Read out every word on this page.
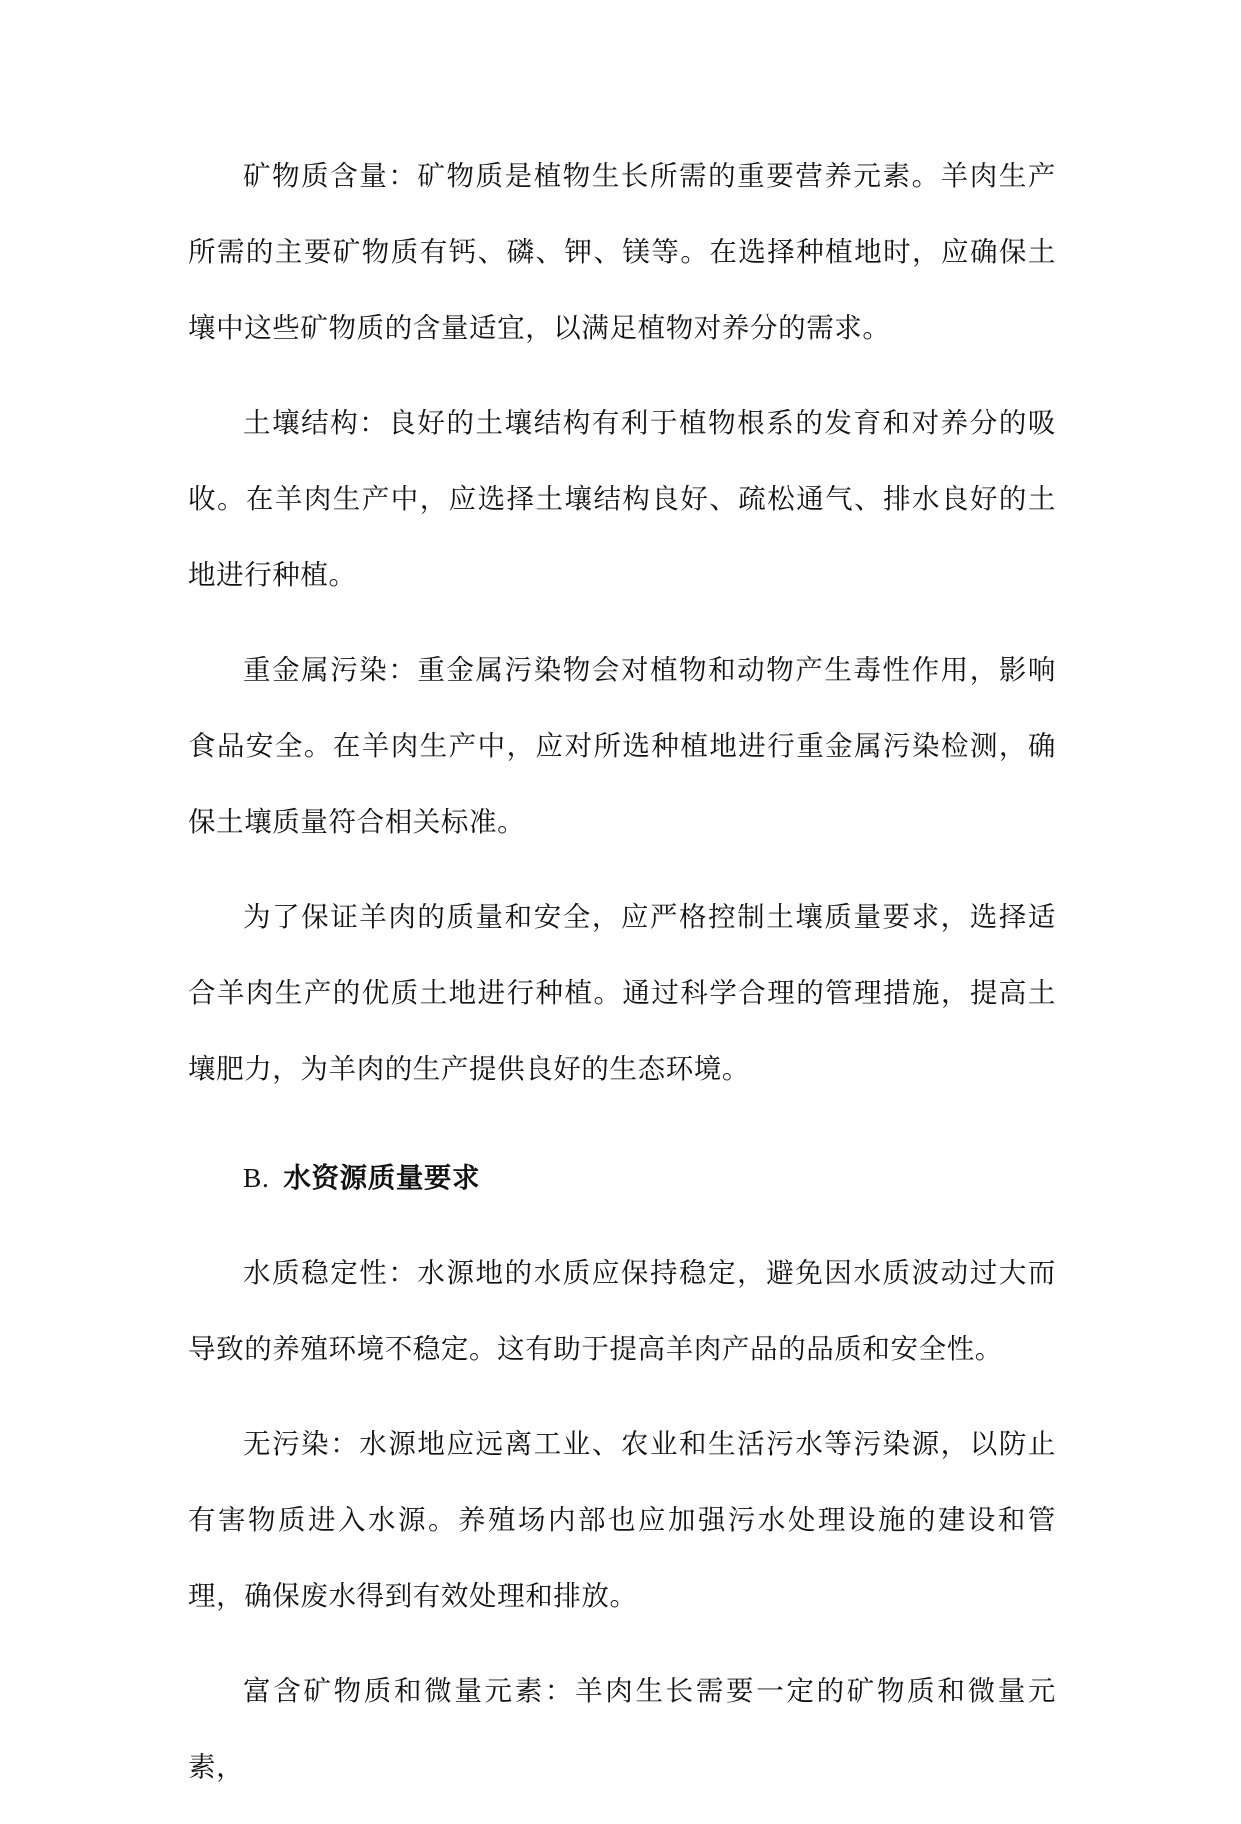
矿物质含量：矿物质是植物生长所需的重要营养元素。羊肉生产所需的主要矿物质有钙、磷、钾、镁等。在选择种植地时，应确保土壤中这些矿物质的含量适宜，以满足植物对养分的需求。

土壤结构：良好的土壤结构有利于植物根系的发育和对养分的吸收。在羊肉生产中，应选择土壤结构良好、疏松通气、排水良好的土地进行种植。

重金属污染：重金属污染物会对植物和动物产生毒性作用，影响食品安全。在羊肉生产中，应对所选种植地进行重金属污染检测，确保土壤质量符合相关标准。

为了保证羊肉的质量和安全，应严格控制土壤质量要求，选择适合羊肉生产的优质土地进行种植。通过科学合理的管理措施，提高土壤肥力，为羊肉的生产提供良好的生态环境。

B. 水资源质量要求

水质稳定性：水源地的水质应保持稳定，避免因水质波动过大而导致的养殖环境不稳定。这有助于提高羊肉产品的品质和安全性。

无污染：水源地应远离工业、农业和生活污水等污染源，以防止有害物质进入水源。养殖场内部也应加强污水处理设施的建设和管理，确保废水得到有效处理和排放。

富含矿物质和微量元素：羊肉生长需要一定的矿物质和微量元素，
